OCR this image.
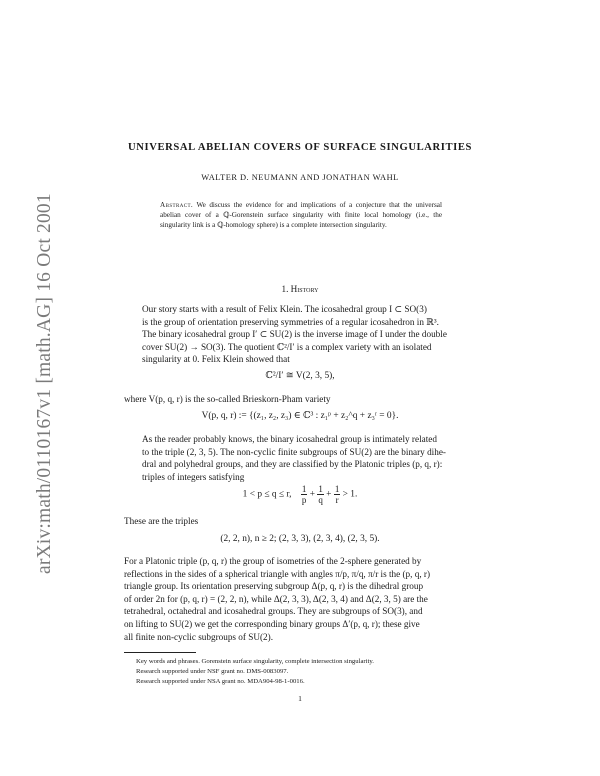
arXiv:math/0110167v1 [math.AG] 16 Oct 2001
UNIVERSAL ABELIAN COVERS OF SURFACE SINGULARITIES
WALTER D. NEUMANN AND JONATHAN WAHL
Abstract. We discuss the evidence for and implications of a conjecture that the universal abelian cover of a ℚ-Gorenstein surface singularity with finite local homology (i.e., the singularity link is a ℚ-homology sphere) is a complete intersection singularity.
1. History
Our story starts with a result of Felix Klein. The icosahedral group I ⊂ SO(3)
is the group of orientation preserving symmetries of a regular icosahedron in ℝ³.
The binary icosahedral group I′ ⊂ SU(2) is the inverse image of I under the double
cover SU(2) → SO(3). The quotient ℂ²/I′ is a complex variety with an isolated
singularity at 0. Felix Klein showed that
ℂ²/I′ ≅ V(2, 3, 5),
where V(p, q, r) is the so-called Brieskorn-Pham variety
V(p, q, r) := {(z₁, z₂, z₃) ∈ ℂ³ : z₁ᵖ + z₂^q + z₃ʳ = 0}.
As the reader probably knows, the binary icosahedral group is intimately related
to the triple (2, 3, 5). The non-cyclic finite subgroups of SU(2) are the binary dihe-
dral and polyhedral groups, and they are classified by the Platonic triples (p, q, r):
triples of integers satisfying
1 < p ≤ q ≤ r, $\frac{1}{p} + \frac{1}{q} + \frac{1}{r} > 1$.
These are the triples
(2, 2, n), n ≥ 2; (2, 3, 3), (2, 3, 4), (2, 3, 5).
For a Platonic triple (p, q, r) the group of isometries of the 2-sphere generated by
reflections in the sides of a spherical triangle with angles π/p, π/q, π/r is the (p, q, r)
triangle group. Its orientation preserving subgroup Δ(p, q, r) is the dihedral group
of order 2n for (p, q, r) = (2, 2, n), while Δ(2, 3, 3), Δ(2, 3, 4) and Δ(2, 3, 5) are the
tetrahedral, octahedral and icosahedral groups. They are subgroups of SO(3), and
on lifting to SU(2) we get the corresponding binary groups Δ′(p, q, r); these give
all finite non-cyclic subgroups of SU(2).
Key words and phrases. Gorenstein surface singularity, complete intersection singularity.
Research supported under NSF grant no. DMS-0083097.
Research supported under NSA grant no. MDA904-98-1-0016.
1
